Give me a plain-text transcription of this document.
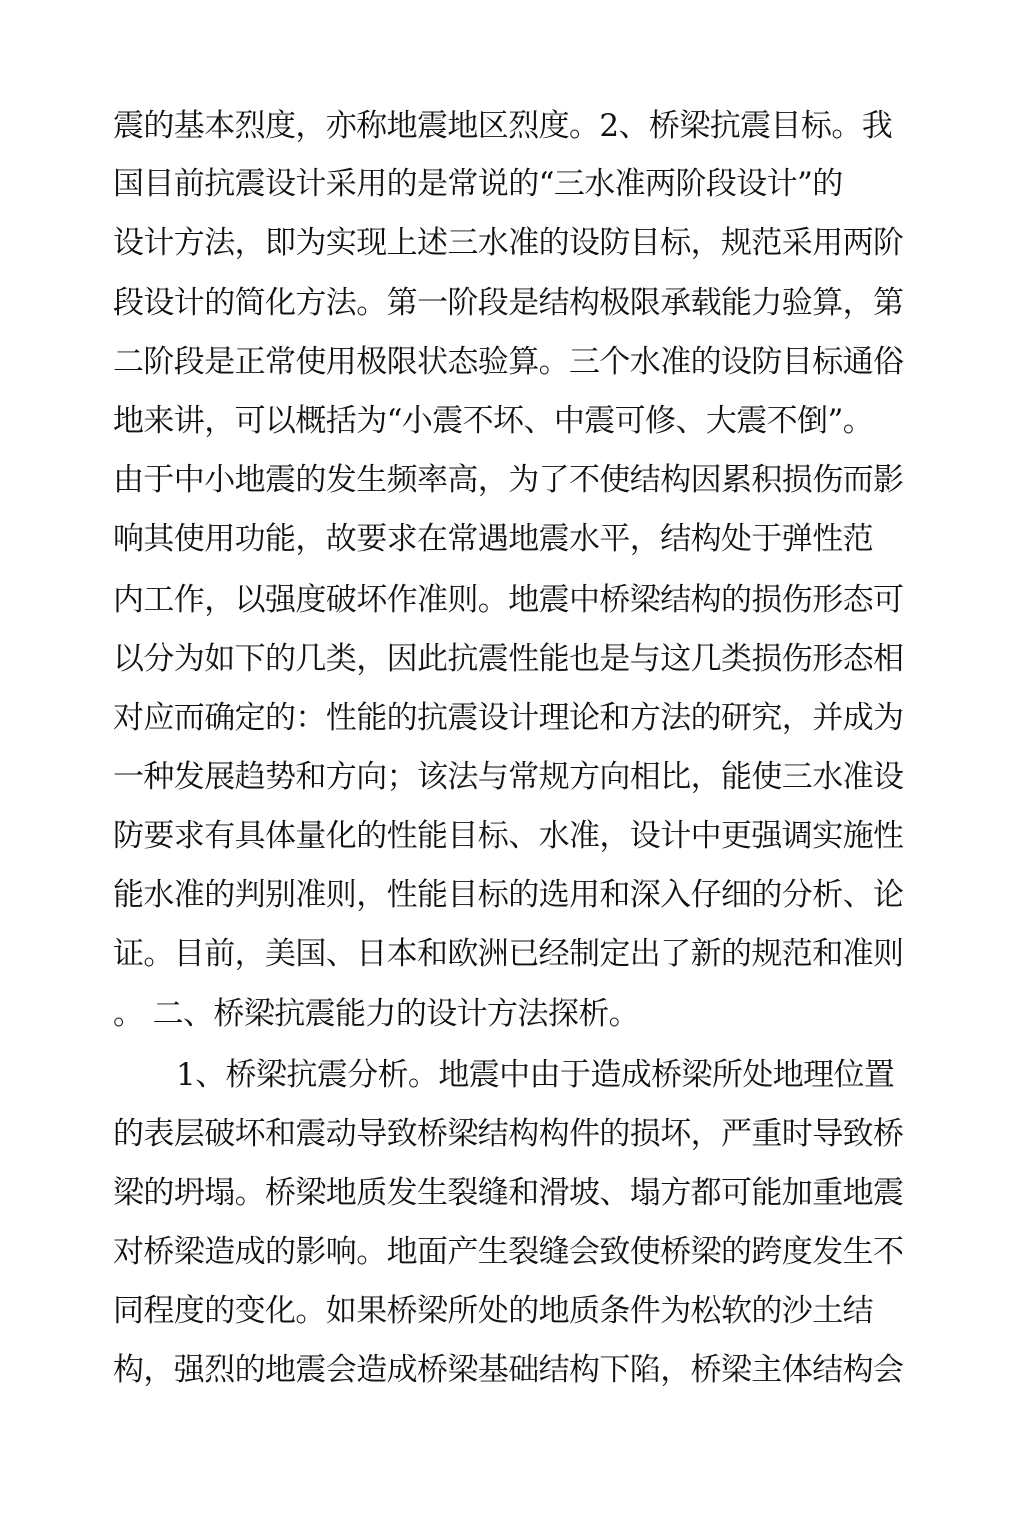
震的基本烈度，亦称地震地区烈度。2、桥梁抗震目标。我

国目前抗震设计采用的是常说的“三水准两阶段设计”的

设计方法，即为实现上述三水准的设防目标，规范采用两阶

段设计的简化方法。第一阶段是结构极限承载能力验算，第

二阶段是正常使用极限状态验算。三个水准的设防目标通俗

地来讲，可以概括为“小震不坏、中震可修、大震不倒”。

由于中小地震的发生频率高，为了不使结构因累积损伤而影

响其使用功能，故要求在常遇地震水平，结构处于弹性范

内工作，以强度破坏作准则。地震中桥梁结构的损伤形态可

以分为如下的几类，因此抗震性能也是与这几类损伤形态相

对应而确定的：性能的抗震设计理论和方法的研究，并成为

一种发展趋势和方向；该法与常规方向相比，能使三水准设

防要求有具体量化的性能目标、水准，设计中更强调实施性

能水准的判别准则，性能目标的选用和深入仔细的分析、论

证。目前，美国、日本和欧洲已经制定出了新的规范和准则

。 二、桥梁抗震能力的设计方法探析。

1、桥梁抗震分析。地震中由于造成桥梁所处地理位置

的表层破坏和震动导致桥梁结构构件的损坏，严重时导致桥

梁的坍塌。桥梁地质发生裂缝和滑坡、塌方都可能加重地震

对桥梁造成的影响。地面产生裂缝会致使桥梁的跨度发生不

同程度的变化。如果桥梁所处的地质条件为松软的沙土结

构，强烈的地震会造成桥梁基础结构下陷，桥梁主体结构会
